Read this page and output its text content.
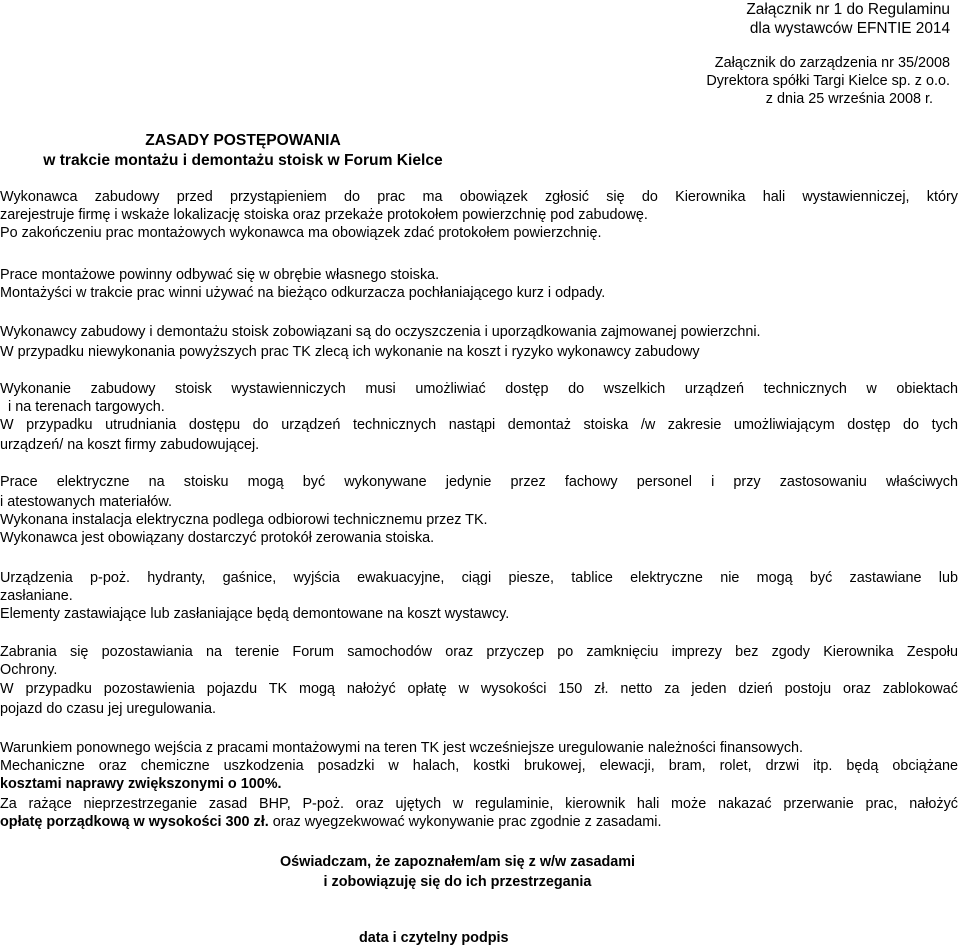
Załącznik nr 1 do Regulaminu
dla wystawców EFNTIE 2014
Załącznik do zarządzenia nr 35/2008
Dyrektora spółki Targi Kielce sp. z o.o.
z dnia 25 września 2008 r.
ZASADY POSTĘPOWANIA
w trakcie montażu i demontażu stoisk w Forum Kielce
Wykonawca zabudowy przed przystąpieniem do prac ma obowiązek zgłosić się do Kierownika hali wystawienniczej, który
zarejestruje firmę i wskaże lokalizację stoiska oraz przekaże protokołem powierzchnię pod zabudowę.
Po zakończeniu prac montażowych wykonawca ma obowiązek zdać protokołem powierzchnię.
Prace montażowe powinny odbywać się w obrębie własnego stoiska.
Montażyści w trakcie prac winni używać na bieżąco odkurzacza pochłaniającego kurz i odpady.
Wykonawcy zabudowy i demontażu stoisk zobowiązani są do oczyszczenia i uporządkowania zajmowanej powierzchni.
W przypadku niewykonania powyższych prac TK zlecą ich wykonanie na koszt i ryzyko wykonawcy zabudowy
Wykonanie zabudowy stoisk wystawienniczych musi umożliwiać dostęp do wszelkich urządzeń technicznych w obiektach
i na terenach targowych.
W przypadku utrudniania dostępu do urządzeń technicznych nastąpi demontaż stoiska /w zakresie umożliwiającym dostęp do tych
urządzeń/ na koszt firmy zabudowującej.
Prace elektryczne na stoisku mogą być wykonywane jedynie przez fachowy personel i przy zastosowaniu właściwych
i atestowanych materiałów.
Wykonana instalacja elektryczna podlega odbiorowi technicznemu przez TK.
Wykonawca jest obowiązany dostarczyć protokół zerowania stoiska.
Urządzenia p-poż. hydranty, gaśnice, wyjścia ewakuacyjne, ciągi piesze, tablice elektryczne nie mogą być zastawiane lub
zasłaniane.
Elementy zastawiające lub zasłaniające będą demontowane na koszt wystawcy.
Zabrania się pozostawiania na terenie Forum samochodów oraz przyczep po zamknięciu imprezy bez zgody Kierownika Zespołu
Ochrony.
W przypadku pozostawienia pojazdu TK mogą nałożyć opłatę w wysokości 150 zł. netto za jeden dzień postoju oraz zablokować
pojazd do czasu jej uregulowania.
Warunkiem ponownego wejścia z pracami montażowymi na teren TK jest wcześniejsze uregulowanie należności finansowych.
Mechaniczne oraz chemiczne uszkodzenia posadzki w halach, kostki brukowej, elewacji, bram, rolet, drzwi itp. będą obciążane
kosztami naprawy zwiększonymi o 100%.
Za rażące nieprzestrzeganie zasad BHP, P-poż. oraz ujętych w regulaminie, kierownik hali może nakazać przerwanie prac, nałożyć
opłatę porządkową w wysokości 300 zł. oraz wyegzekwować wykonywanie prac zgodnie z zasadami.
Oświadczam, że zapoznałem/am się z w/w zasadami
i zobowiązuję się do ich przestrzegania
data i czytelny podpis
